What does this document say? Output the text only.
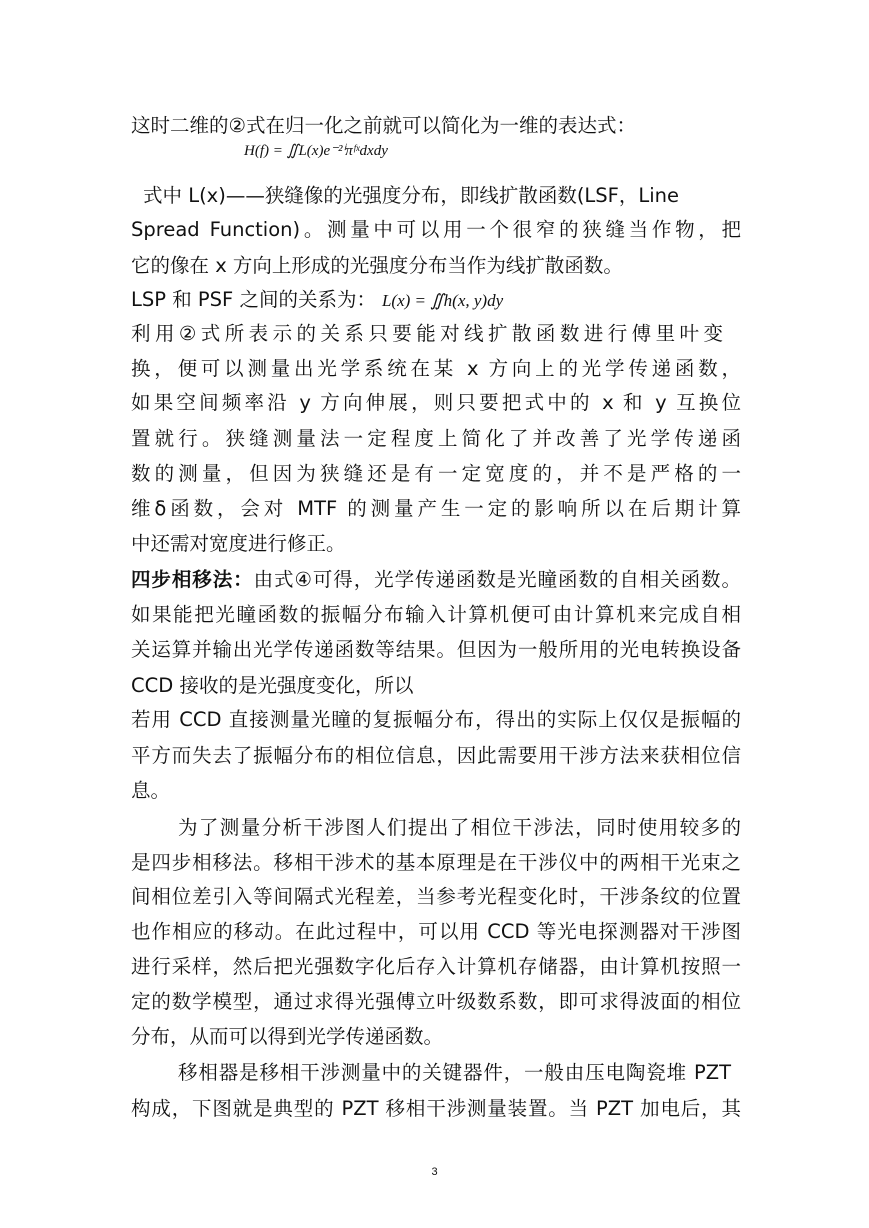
这时二维的②式在归一化之前就可以简化为一维的表达式：
H(f) = ∬L(x)e⁻²ⁱπᶠˣdxdy
式中 L(x)——狭缝像的光强度分布，即线扩散函数(LSF，Line
Spread Function)。测量中可以用一个很窄的狭缝当作物，把
它的像在 x 方向上形成的光强度分布当作为线扩散函数。
LSP 和 PSF 之间的关系为： L(x) = ∬h(x, y)dy
利用②式所表示的关系只要能对线扩散函数进行傅里叶变
换，便可以测量出光学系统在某 x 方向上的光学传递函数，
如果空间频率沿 y 方向伸展，则只要把式中的 x 和 y 互换位
置就行。狭缝测量法一定程度上简化了并改善了光学传递函
数的测量，但因为狭缝还是有一定宽度的，并不是严格的一
维δ函数，会对 MTF 的测量产生一定的影响所以在后期计算
中还需对宽度进行修正。
四步相移法：由式④可得，光学传递函数是光瞳函数的自相关函数。
如果能把光瞳函数的振幅分布输入计算机便可由计算机来完成自相
关运算并输出光学传递函数等结果。但因为一般所用的光电转换设备
CCD 接收的是光强度变化，所以
若用 CCD 直接测量光瞳的复振幅分布，得出的实际上仅仅是振幅的
平方而失去了振幅分布的相位信息，因此需要用干涉方法来获相位信
息。
为了测量分析干涉图人们提出了相位干涉法，同时使用较多的
是四步相移法。移相干涉术的基本原理是在干涉仪中的两相干光束之
间相位差引入等间隔式光程差，当参考光程变化时，干涉条纹的位置
也作相应的移动。在此过程中，可以用 CCD 等光电探测器对干涉图
进行采样，然后把光强数字化后存入计算机存储器，由计算机按照一
定的数学模型，通过求得光强傅立叶级数系数，即可求得波面的相位
分布，从而可以得到光学传递函数。
移相器是移相干涉测量中的关键器件，一般由压电陶瓷堆 PZT
构成，下图就是典型的 PZT 移相干涉测量装置。当 PZT 加电后，其
3
